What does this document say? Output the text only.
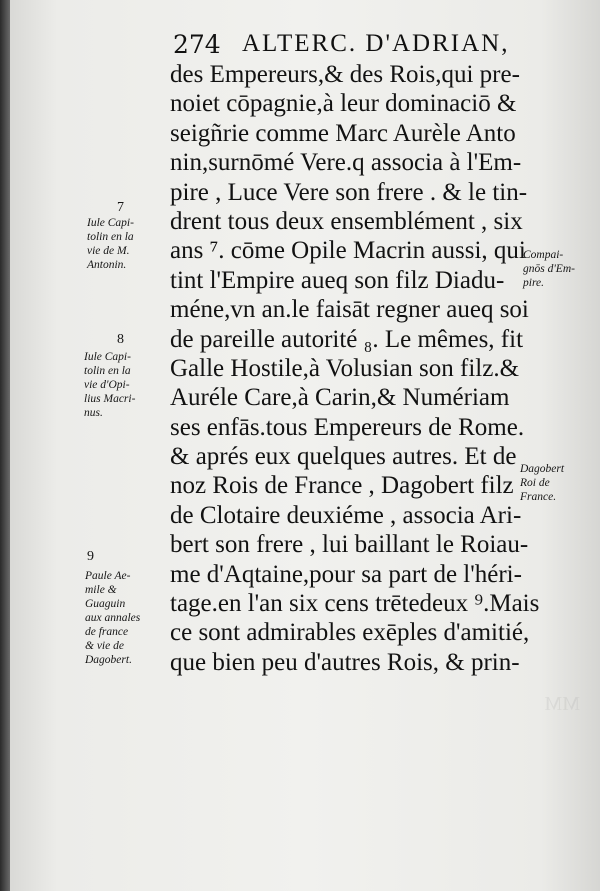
274 ALTERC. D'ADRIAN,
des Empereurs,& des Rois,qui pre-
noiet cōpagnie,à leur dominaciō &
seigñrie comme Marc Aurèle Anto
nin,surnōmé Vere.q associa à l'Em-
pire , Luce Vere son frere . & le tin-
drent tous deux ensemblément , six
ans ⁷. cōme Opile Macrin aussi, qui
tint l'Empire aueq son filz Diadu-
méne,vn an.le faisāt regner aueq soi
de pareille autorité ₈. Le mêmes, fit
Galle Hostile,à Volusian son filz.&
Auréle Care,à Carin,& Numériam
ses enfās.tous Empereurs de Rome.
& aprés eux quelques autres. Et de
noz Rois de France , Dagobert filz
de Clotaire deuxiéme , associa Ari-
bert son frere , lui baillant le Roiau-
me d'Aqtaine,pour sa part de l'héri-
tage.en l'an six cens trētedeux ⁹.Mais
ce sont admirables exēples d'amitié,
que bien peu d'autres Rois, & prin-
7
Iule Capi-
tolin en la
vie de M.
Antonin.
8
Iule Capi-
tolin en la
vie d'Opi-
lius Macri-
nus.
9
Paule Ae-
mile &
Guaguin
aux annales
de france
& vie de
Dagobert.
Compai-
gnōs d'Em-
pire.
Dagobert
Roi de
France.
MM
